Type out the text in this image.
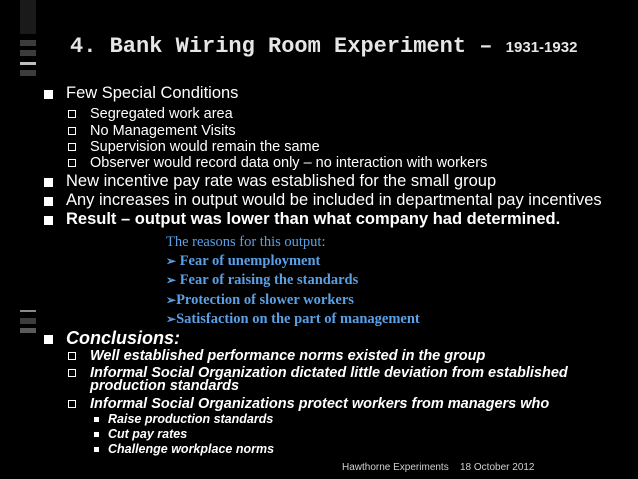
4. Bank Wiring Room Experiment – 1931-1932
Few Special Conditions
Segregated work area
No Management Visits
Supervision would remain the same
Observer would record data only – no interaction with workers
New incentive pay rate was established for the small group
Any increases in output would be included in departmental pay incentives
Result – output was lower than what company had determined.
The reasons for this output:
➢ Fear of unemployment
➢ Fear of raising the standards
➢Protection of slower workers
➢Satisfaction on the part of management
Conclusions:
Well established performance norms existed in the group
Informal Social Organization dictated little deviation from established
production standards
Informal Social Organizations protect workers from managers who
Raise production standards
Cut pay rates
Challenge workplace norms
Hawthorne Experiments 18 October 2012
